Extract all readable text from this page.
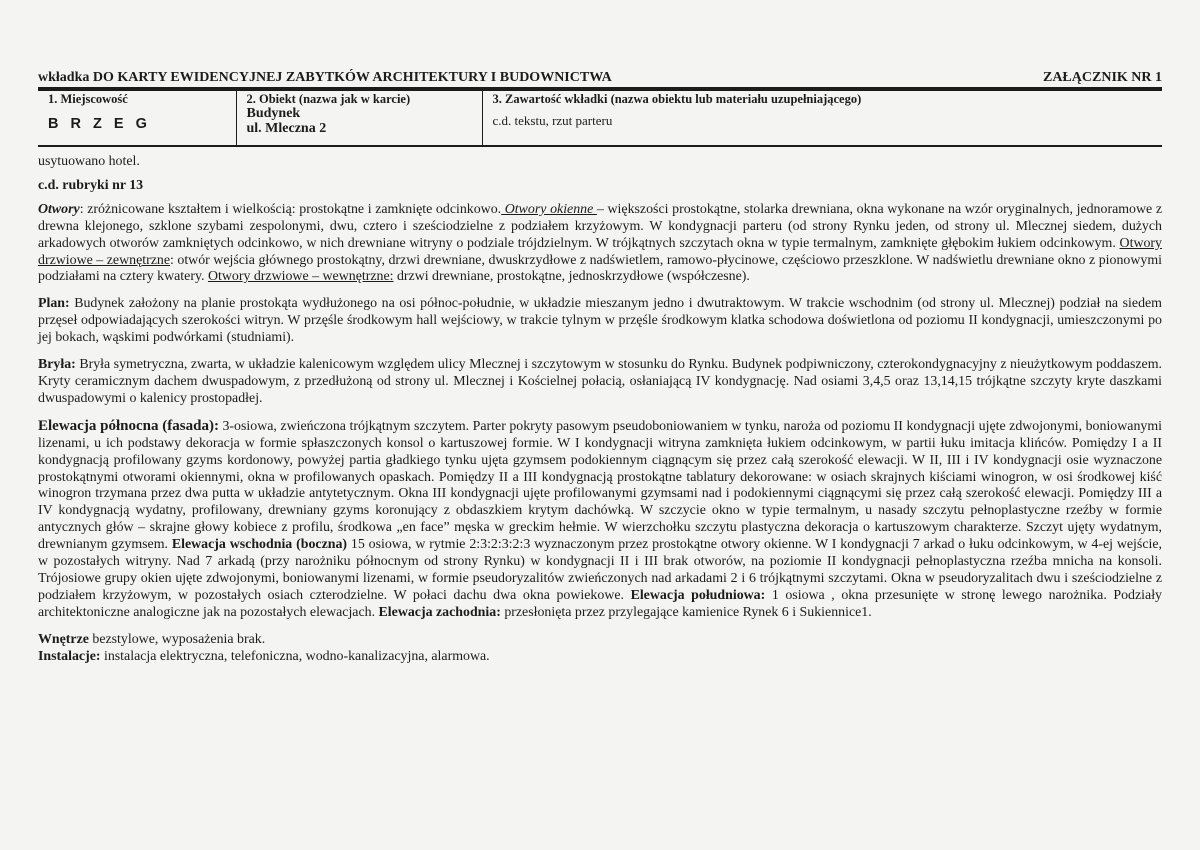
wkładka DO KARTY EWIDENCYJNEJ ZABYTKÓW ARCHITEKTURY I BUDOWNICTWA	ZAŁĄCZNIK NR 1
1. Miejscowość
B R Z E G

2. Obiekt (nazwa jak w karcie)
Budynek
ul. Mleczna 2

3. Zawartość wkładki (nazwa obiektu lub materiału uzupełniającego)
c.d. tekstu, rzut parteru

usytuowano hotel.

c.d. rubryki nr 13

Otwory: zróżnicowane kształtem i wielkością: prostokątne i zamknięte odcinkowo. Otwory okienne – większości prostokątne, stolarka drewniana, okna wykonane na wzór oryginalnych, jednoramowe z drewna klejonego, szklone szybami zespolonymi, dwu, cztero i sześciodzielne z podziałem krzyżowym. W kondygnacji parteru (od strony Rynku jeden, od strony ul. Mlecznej siedem, dużych arkadowych otworów zamkniętych odcinkowo, w nich drewniane witryny o podziale trójdzielnym. W trójkątnych szczytach okna w typie termalnym, zamknięte głębokim łukiem odcinkowym. Otwory drzwiowe – zewnętrzne: otwór wejścia głównego prostokątny, drzwi drewniane, dwuskrzydłowe z nadświetlem, ramowo-płycinowe, częściowo przeszklone. W nadświetlu drewniane okno z pionowymi podziałami na cztery kwatery. Otwory drzwiowe – wewnętrzne: drzwi drewniane, prostokątne, jednoskrzydłowe (współczesne).

Plan: Budynek założony na planie prostokąta wydłużonego na osi północ-południe, w układzie mieszanym jedno i dwutraktowym. W trakcie wschodnim (od strony ul. Mlecznej) podział na siedem przęseł odpowiadających szerokości witryn. W przęśle środkowym hall wejściowy, w trakcie tylnym w przęśle środkowym klatka schodowa doświetlona od poziomu II kondygnacji, umieszczonymi po jej bokach, wąskimi podwórkami (studniami).

Bryła: Bryła symetryczna, zwarta, w układzie kalenicowym względem ulicy Mlecznej i szczytowym w stosunku do Rynku. Budynek podpiwniczony, czterokondygnacyjny z nieużytkowym poddaszem. Kryty ceramicznym dachem dwuspadowym, z przedłużoną od strony ul. Mlecznej i Kościelnej połacią, osłaniającą IV kondygnację. Nad osiami 3,4,5 oraz 13,14,15 trójkątne szczyty kryte daszkami dwuspadowymi o kalenicy prostopadłej.

Elewacja północna (fasada): 3-osiowa, zwieńczona trójkątnym szczytem. Parter pokryty pasowym pseudoboniowaniem w tynku, naroża od poziomu II kondygnacji ujęte zdwojonymi, boniowanymi lizenami, u ich podstawy dekoracja w formie spłaszczonych konsol o kartuszowej formie. W I kondygnacji witryna zamknięta łukiem odcinkowym, w partii łuku imitacja klińców. Pomiędzy I a II kondygnacją profilowany gzyms kordonowy, powyżej partia gładkiego tynku ujęta gzymsem podokiennym ciągnącym się przez całą szerokość elewacji. W II, III i IV kondygnacji osie wyznaczone prostokątnymi otworami okiennymi, okna w profilowanych opaskach. Pomiędzy II a III kondygnacją prostokątne tablatury dekorowane: w osiach skrajnych kiściami winogron, w osi środkowej kiść winogron trzymana przez dwa putta w układzie antytetycznym. Okna III kondygnacji ujęte profilowanymi gzymsami nad i podokiennymi ciągnącymi się przez całą szerokość elewacji. Pomiędzy III a IV kondygnacją wydatny, profilowany, drewniany gzyms koronujący z obdaszkiem krytym dachówką. W szczycie okno w typie termalnym, u nasady szczytu pełnoplastyczne rzeźby w formie antycznych głów – skrajne głowy kobiece z profilu, środkowa „en face” męska w greckim hełmie. W wierzchołku szczytu plastyczna dekoracja o kartuszowym charakterze. Szczyt ujęty wydatnym, drewnianym gzymsem. Elewacja wschodnia (boczna) 15 osiowa, w rytmie 2:3:2:3:2:3 wyznaczonym przez prostokątne otwory okienne. W I kondygnacji 7 arkad o łuku odcinkowym, w 4-ej wejście, w pozostałych witryny. Nad 7 arkadą (przy narożniku północnym od strony Rynku) w kondygnacji II i III brak otworów, na poziomie II kondygnacji pełnoplastyczna rzeźba mnicha na konsoli. Trójosiowe grupy okien ujęte zdwojonymi, boniowanymi lizenami, w formie pseudoryzalitów zwieńczonych nad arkadami 2 i 6 trójkątnymi szczytami. Okna w pseudoryzalitach dwu i sześciodzielne z podziałem krzyżowym, w pozostałych osiach czterodzielne. W połaci dachu dwa okna powiekowe. Elewacja południowa: 1 osiowa , okna przesunięte w stronę lewego narożnika. Podziały architektoniczne analogiczne jak na pozostałych elewacjach. Elewacja zachodnia: przesłonięta przez przylegające kamienice Rynek 6 i Sukiennice1.

Wnętrze bezstylowe, wyposażenia brak.

Instalacje: instalacja elektryczna, telefoniczna, wodno-kanalizacyjna, alarmowa.
